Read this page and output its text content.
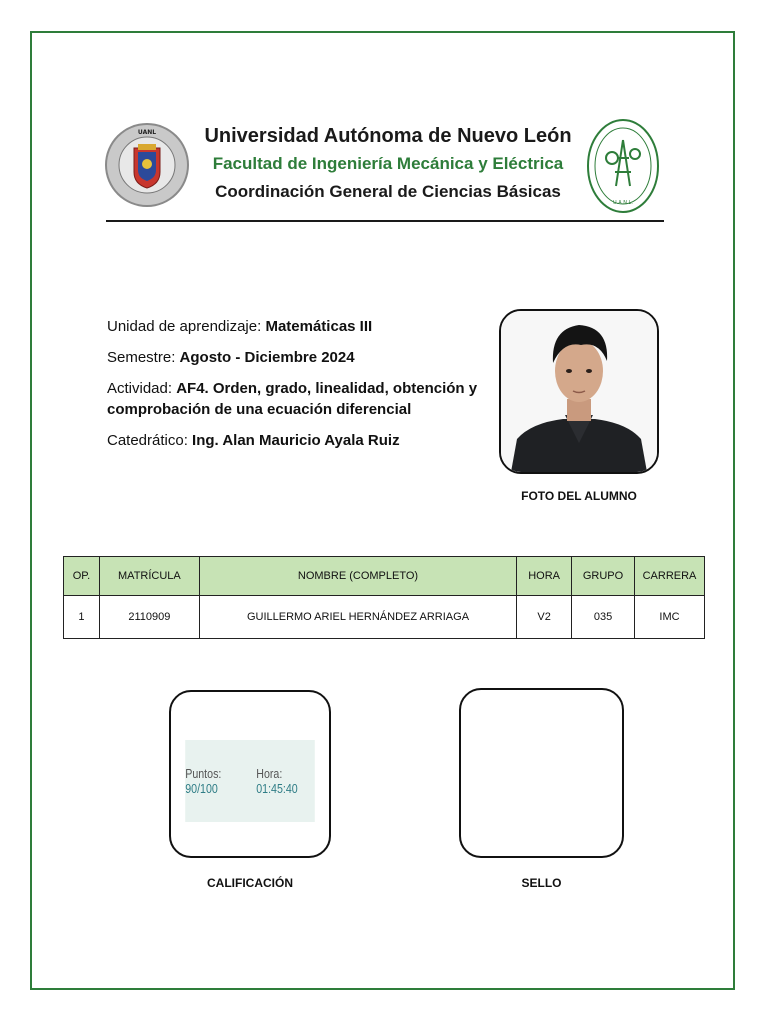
UANL	Universidad Autónoma de Nuevo León
Facultad de Ingeniería Mecánica y Eléctrica
Coordinación General de Ciencias Básicas
U.A.N.L.

Unidad de aprendizaje: Matemáticas III

Semestre: Agosto - Diciembre 2024

Actividad: AF4. Orden, grado, linealidad, obtención y comprobación de una ecuación diferencial

Catedrático: Ing. Alan Mauricio Ayala Ruiz

FOTO DEL ALUMNO
OP.	MATRÍCULA	NOMBRE (COMPLETO)	HORA	GRUPO	CARRERA
1	2110909	GUILLERMO ARIEL HERNÁNDEZ ARRIAGA	V2	035	IMC
Puntos: 90/100
Hora: 01:45:40
CALIFICACIÓN	SELLO
